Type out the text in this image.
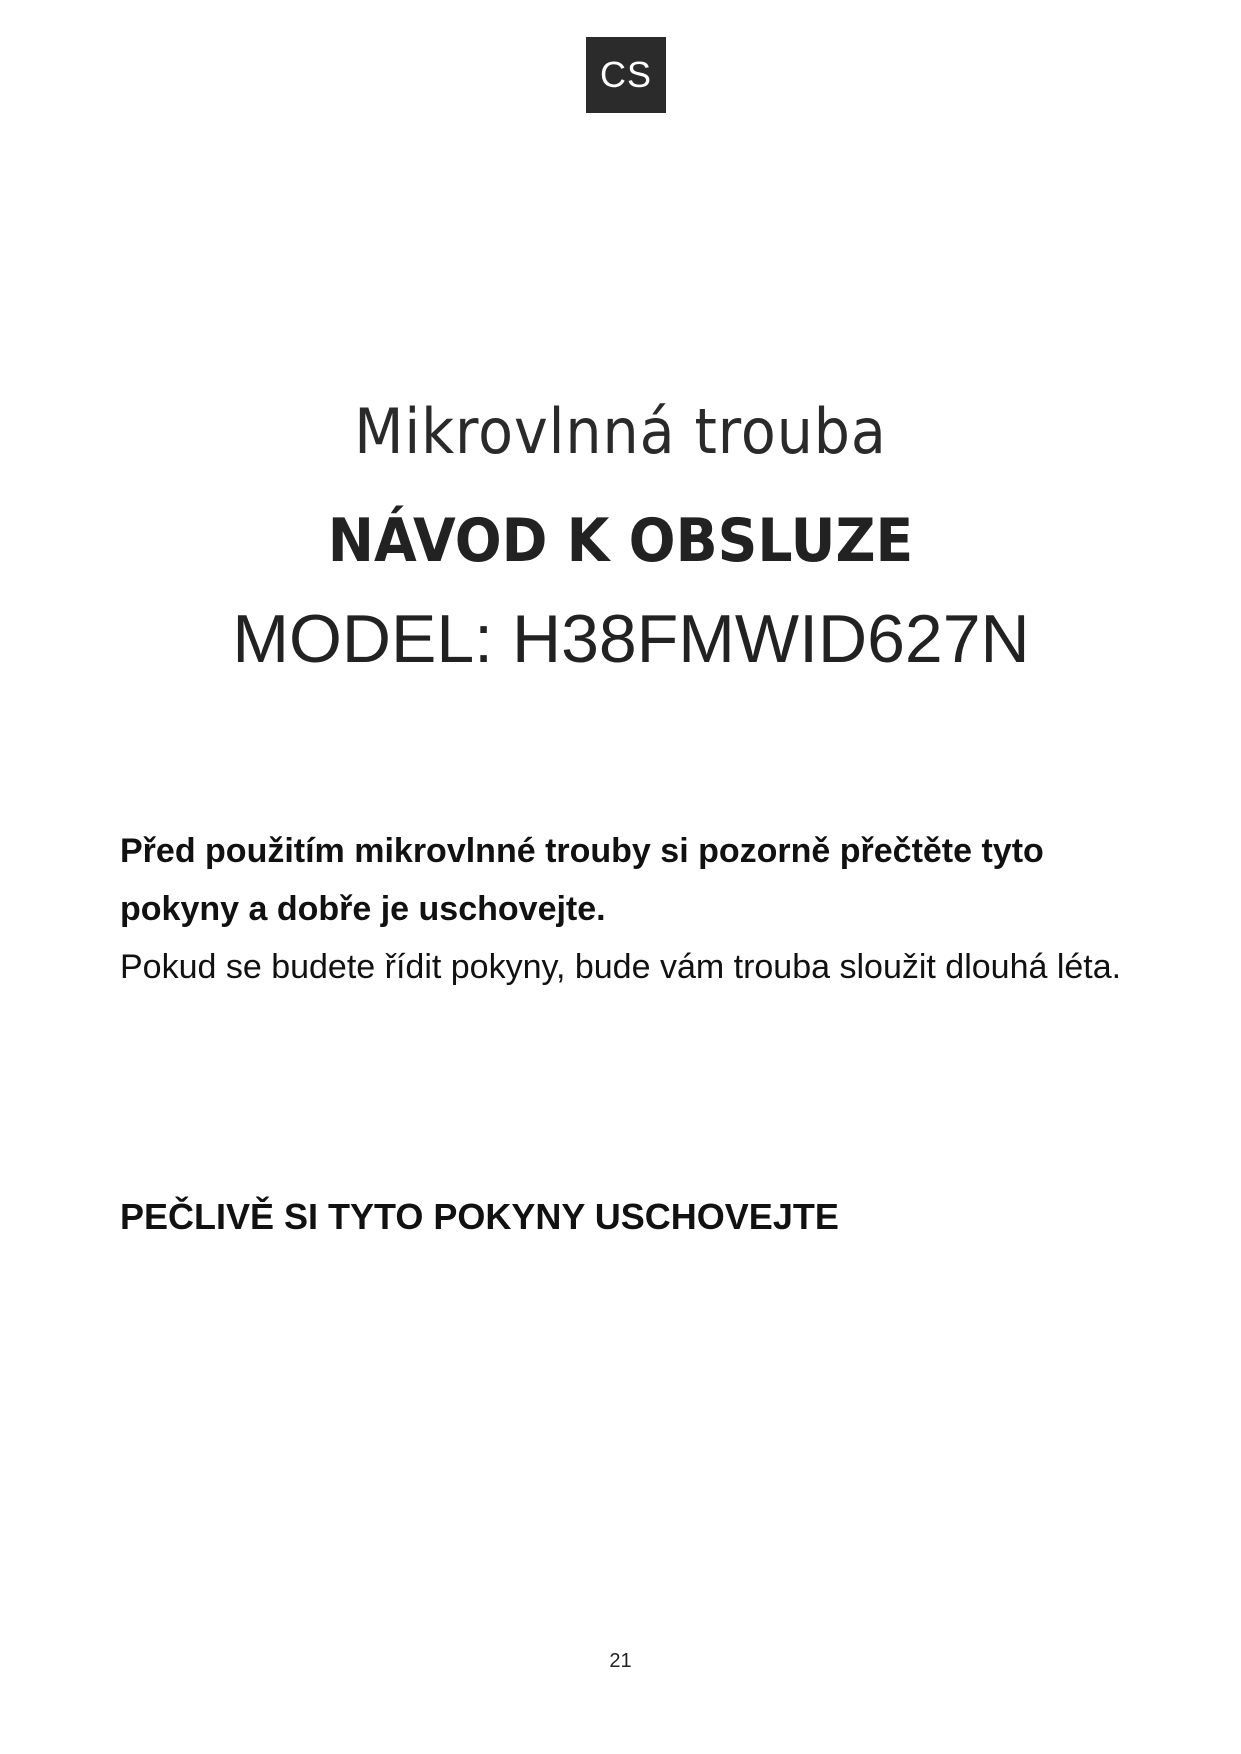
CS
Mikrovlnná trouba
NÁVOD K OBSLUZE
MODEL: H38FMWID627N
Před použitím mikrovlnné trouby si pozorně přečtěte tyto pokyny a dobře je uschovejte.
Pokud se budete řídit pokyny, bude vám trouba sloužit dlouhá léta.
PEČLIVĚ SI TYTO POKYNY USCHOVEJTE
21
